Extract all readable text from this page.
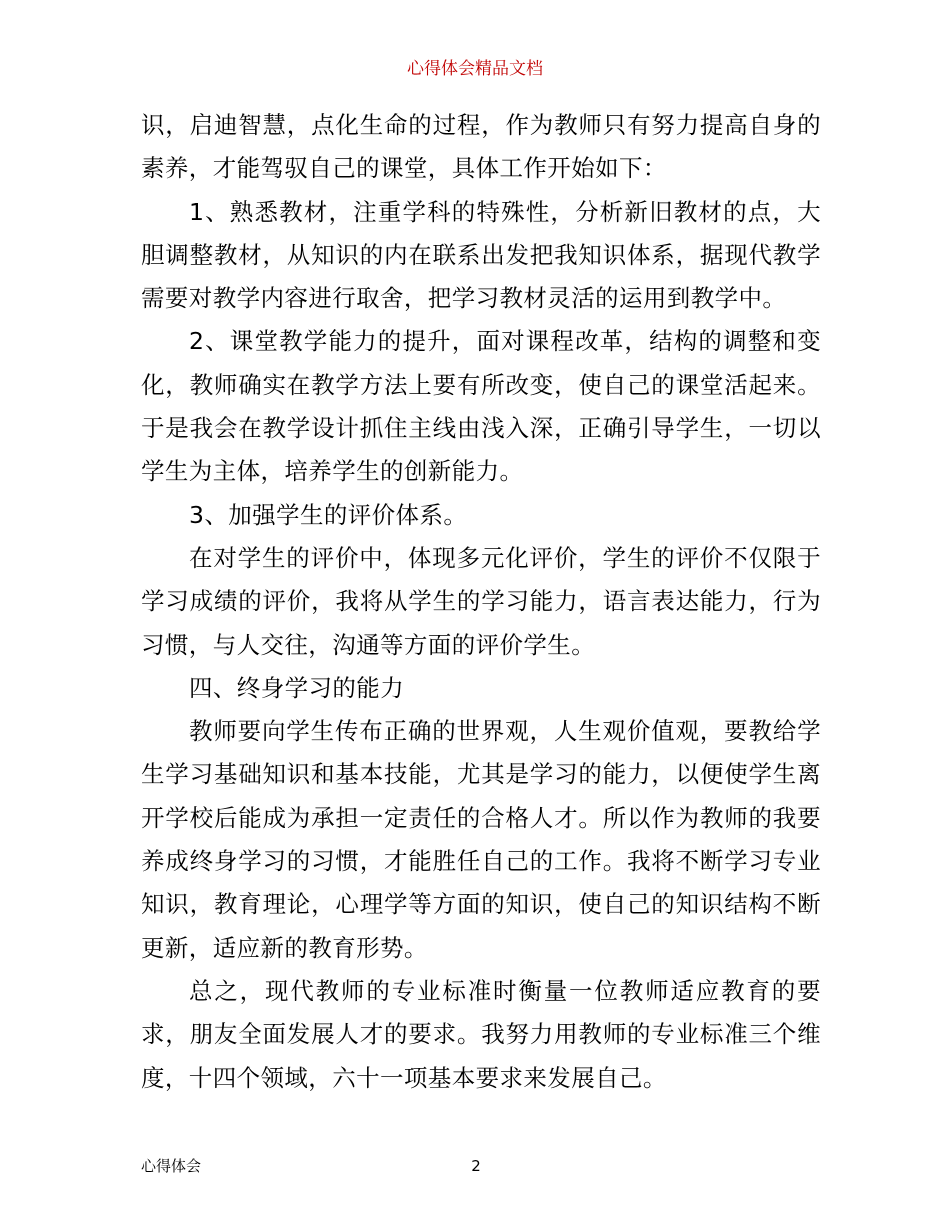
心得体会精品文档

识，启迪智慧，点化生命的过程，作为教师只有努力提高自身的素养，才能驾驭自己的课堂，具体工作开始如下：

1、熟悉教材，注重学科的特殊性，分析新旧教材的点，大胆调整教材，从知识的内在联系出发把我知识体系，据现代教学需要对教学内容进行取舍，把学习教材灵活的运用到教学中。

2、课堂教学能力的提升，面对课程改革，结构的调整和变化，教师确实在教学方法上要有所改变，使自己的课堂活起来。于是我会在教学设计抓住主线由浅入深，正确引导学生，一切以学生为主体，培养学生的创新能力。

3、加强学生的评价体系。

在对学生的评价中，体现多元化评价，学生的评价不仅限于学习成绩的评价，我将从学生的学习能力，语言表达能力，行为习惯，与人交往，沟通等方面的评价学生。

四、终身学习的能力

教师要向学生传布正确的世界观，人生观价值观，要教给学生学习基础知识和基本技能，尤其是学习的能力，以便使学生离开学校后能成为承担一定责任的合格人才。所以作为教师的我要养成终身学习的习惯，才能胜任自己的工作。我将不断学习专业知识，教育理论，心理学等方面的知识，使自己的知识结构不断更新，适应新的教育形势。

总之，现代教师的专业标准时衡量一位教师适应教育的要求，朋友全面发展人才的要求。我努力用教师的专业标准三个维度，十四个领域，六十一项基本要求来发展自己。

心得体会	2
